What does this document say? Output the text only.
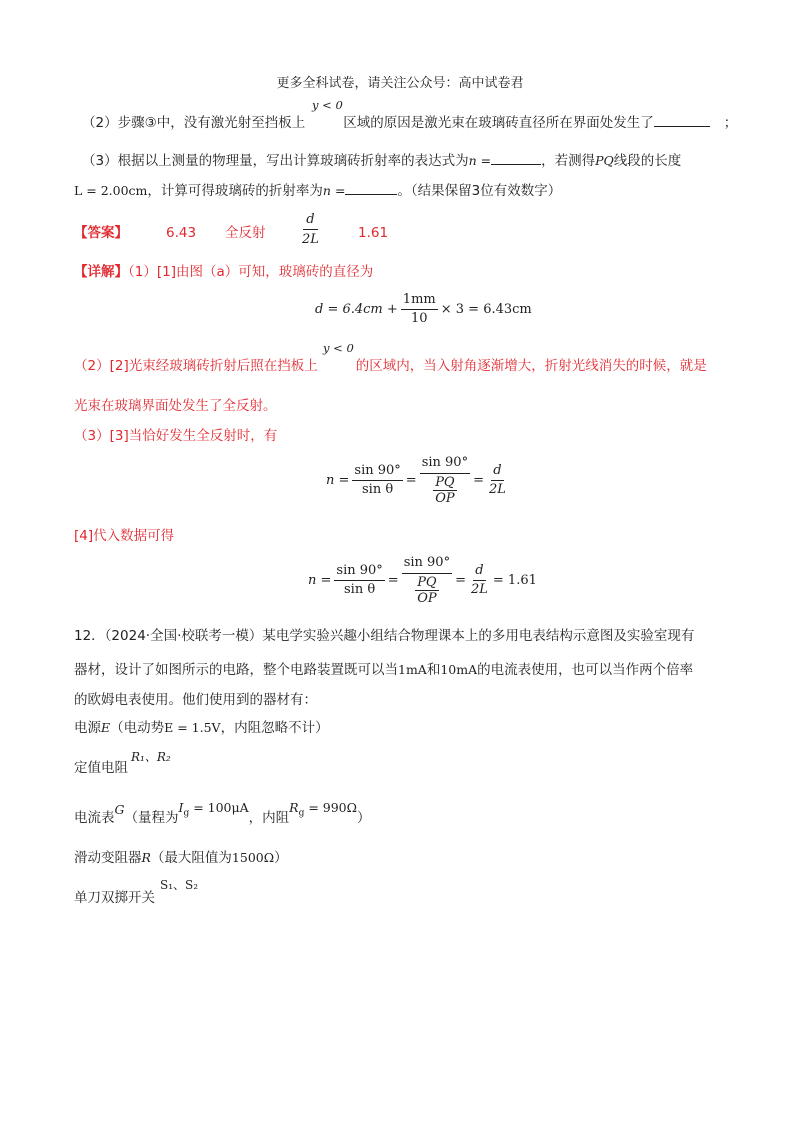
更多全科试卷，请关注公众号：高中试卷君
y < 0
（2）步骤③中，没有激光射至挡板上	区域的原因是激光束在玻璃砖直径所在界面处发生了	；
（3）根据以上测量的物理量，写出计算玻璃砖折射率的表达式为n =	，若测得PQ线段的长度
L = 2.00cm，计算可得玻璃砖的折射率为n =	。（结果保留3位有效数字）
【答案】	6.43 全反射	$\frac{d}{2L}$	1.61
【详解】（1）[1]由图（a）可知，玻璃砖的直径为
$d = 6.4cm + \frac{1mm}{10} \times 3 = 6.43cm$
y < 0
（2）[2]光束经玻璃砖折射后照在挡板上	的区域内，当入射角逐渐增大，折射光线消失的时候，就是
光束在玻璃界面处发生了全反射。
（3）[3]当恰好发生全反射时，有
$n = \frac{\sin 90^\circ}{\text{sin θ}} = \frac{\sin 90^\circ}{\frac{PQ}{OP}} = \frac{d}{2L}$
[4]代入数据可得
$n = \frac{\sin 90^\circ}{\text{sin θ}} = \frac{\sin 90^\circ}{\frac{PQ}{OP}} = \frac{d}{2L} = 1.61$
12．（2024·全国·校联考一模）某电学实验兴趣小组结合物理课本上的多用电表结构示意图及实验室现有
器材，设计了如图所示的电路，整个电路装置既可以当1mA和10mA的电流表使用，也可以当作两个倍率
的欧姆电表使用。他们使用到的器材有：
电源E（电动势E = 1.5V，内阻忽略不计）
定值电阻
R₁、R₂
电流表G（量程为$I_g = 100\mu A$，内阻$R_g = 990\Omega$）
滑动变阻器R（最大阻值为1500Ω）
单刀双掷开关
S₁、S₂
